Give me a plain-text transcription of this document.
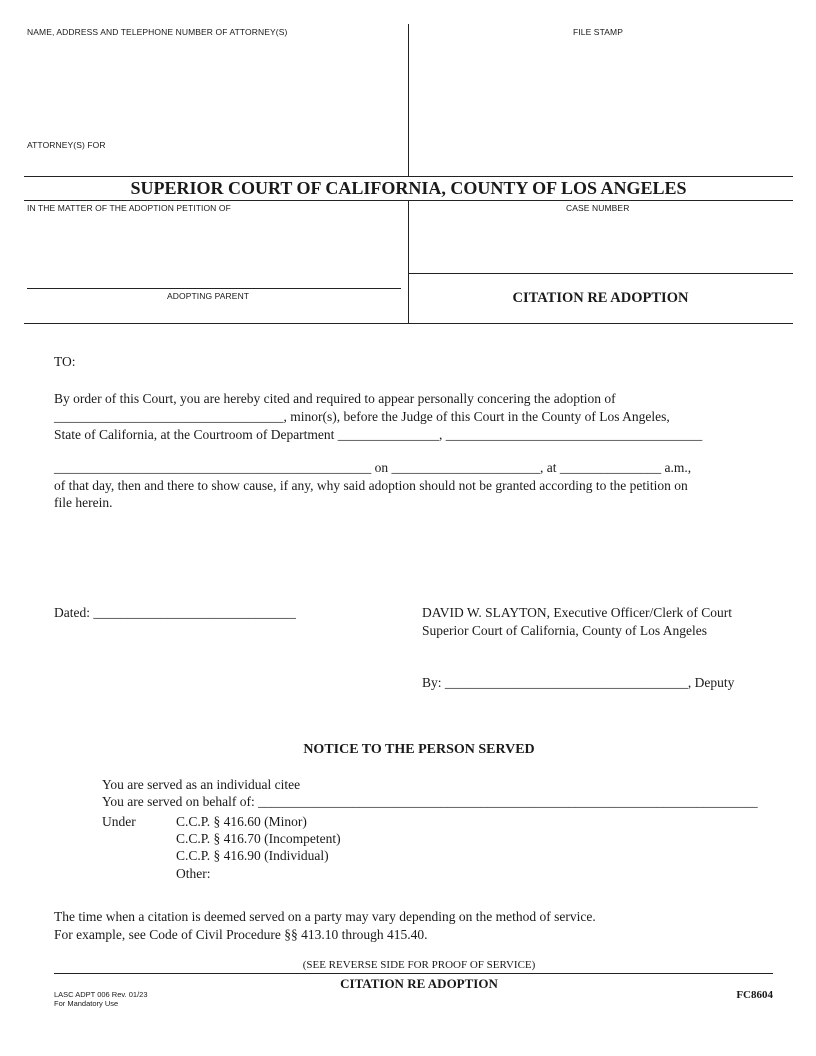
NAME, ADDRESS AND TELEPHONE NUMBER OF ATTORNEY(S)	FILE STAMP
ATTORNEY(S) FOR
SUPERIOR COURT OF CALIFORNIA, COUNTY OF LOS ANGELES
IN THE MATTER OF THE ADOPTION PETITION OF	CASE NUMBER
ADOPTING PARENT	CITATION RE ADOPTION
TO:
By order of this Court, you are hereby cited and required to appear personally concering the adoption of
__________________________________, minor(s), before the Judge of this Court in the County of Los Angeles,
State of California, at the Courtroom of Department _______________, ______________________________________
_______________________________________________ on ______________________, at _______________ a.m.,
of that day, then and there to show cause, if any, why said adoption should not be granted according to the petition on
file herein.
Dated: ______________________________	DAVID W. SLAYTON, Executive Officer/Clerk of Court
Superior Court of California, County of Los Angeles
By: ____________________________________, Deputy
NOTICE TO THE PERSON SERVED
You are served as an individual citee
You are served on behalf of: __________________________________________________________________________
Under	C.C.P. § 416.60 (Minor)
C.C.P. § 416.70 (Incompetent)
C.C.P. § 416.90 (Individual)
Other:
The time when a citation is deemed served on a party may vary depending on the method of service.
For example, see Code of Civil Procedure §§ 413.10 through 415.40.
(SEE REVERSE SIDE FOR PROOF OF SERVICE)
CITATION RE ADOPTION
LASC ADPT 006 Rev. 01/23
For Mandatory Use
FC8604
